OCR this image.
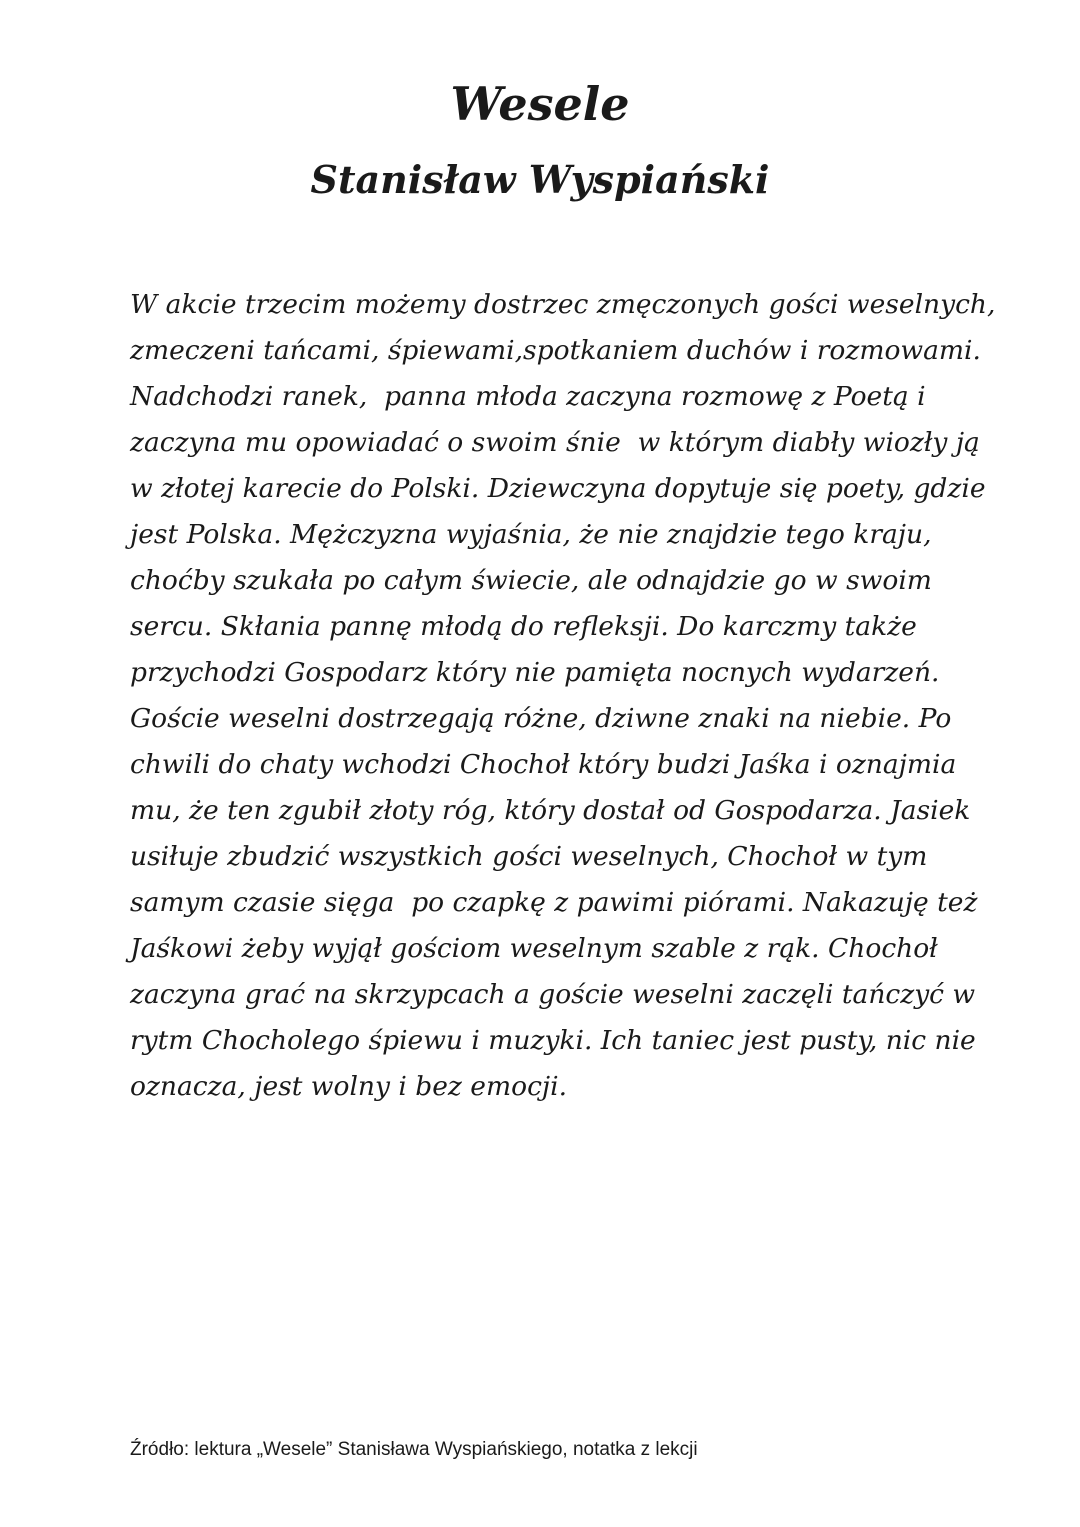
Wesele
Stanisław Wyspiański
W akcie trzecim możemy dostrzec zmęczonych gości weselnych,
zmeczeni tańcami, śpiewami,spotkaniem duchów i rozmowami.
Nadchodzi ranek,  panna młoda zaczyna rozmowę z Poetą i
zaczyna mu opowiadać o swoim śnie  w którym diabły wiozły ją
w złotej karecie do Polski. Dziewczyna dopytuje się poety, gdzie
jest Polska. Mężczyzna wyjaśnia, że nie znajdzie tego kraju,
choćby szukała po całym świecie, ale odnajdzie go w swoim
sercu. Skłania pannę młodą do refleksji. Do karczmy także
przychodzi Gospodarz który nie pamięta nocnych wydarzeń.
Goście weselni dostrzegają różne, dziwne znaki na niebie. Po
chwili do chaty wchodzi Chochoł który budzi Jaśka i oznajmia
mu, że ten zgubił złoty róg, który dostał od Gospodarza. Jasiek
usiłuje zbudzić wszystkich gości weselnych, Chochoł w tym
samym czasie sięga  po czapkę z pawimi piórami. Nakazuję też
Jaśkowi żeby wyjął gościom weselnym szable z rąk. Chochoł
zaczyna grać na skrzypcach a goście weselni zaczęli tańczyć w
rytm Chocholego śpiewu i muzyki. Ich taniec jest pusty, nic nie
oznacza, jest wolny i bez emocji.

Źródło: lektura „Wesele” Stanisława Wyspiańskiego, notatka z lekcji
